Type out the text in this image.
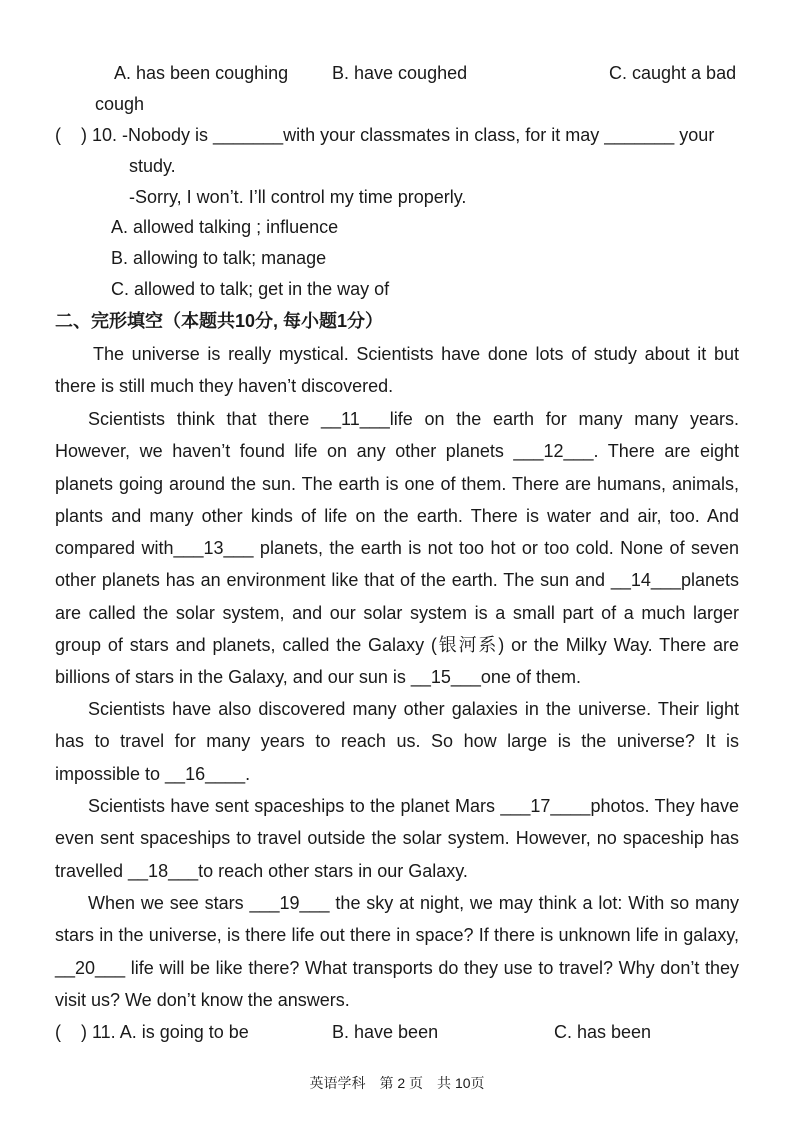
A. has been coughing B. have coughed	C. caught a bad
cough
(    ) 10. -Nobody is _______with your classmates in class, for it may _______ your
study.
-Sorry, I won’t. I’ll control my time properly.
A. allowed talking ; influence
B. allowing to talk; manage
C. allowed to talk; get in the way of
二、完形填空（本题共10分, 每小题1分）
The universe is really mystical. Scientists have done lots of study about it but there is still much they haven’t discovered.
Scientists think that there __11___life on the earth for many many years. However, we haven’t found life on any other planets ___12___. There are eight planets going around the sun. The earth is one of them. There are humans, animals, plants and many other kinds of life on the earth. There is water and air, too. And compared with___13___ planets, the earth is not too hot or too cold. None of seven other planets has an environment like that of the earth. The sun and __14___planets are called the solar system, and our solar system is a small part of a much larger group of stars and planets, called the Galaxy (银河系) or the Milky Way. There are billions of stars in the Galaxy, and our sun is __15___one of them.
Scientists have also discovered many other galaxies in the universe. Their light has to travel for many years to reach us. So how large is the universe? It is impossible to __16____.
Scientists have sent spaceships to the planet Mars ___17____photos. They have even sent spaceships to travel outside the solar system. However, no spaceship has travelled __18___to reach other stars in our Galaxy.
When we see stars ___19___ the sky at night, we may think a lot: With so many stars in the universe, is there life out there in space? If there is unknown life in galaxy, __20___ life will be like there? What transports do they use to travel? Why don’t they visit us? We don’t know the answers.
(    ) 11. A. is going to be	B. have been	C. has been
英语学科　第 2 页　共 10页
